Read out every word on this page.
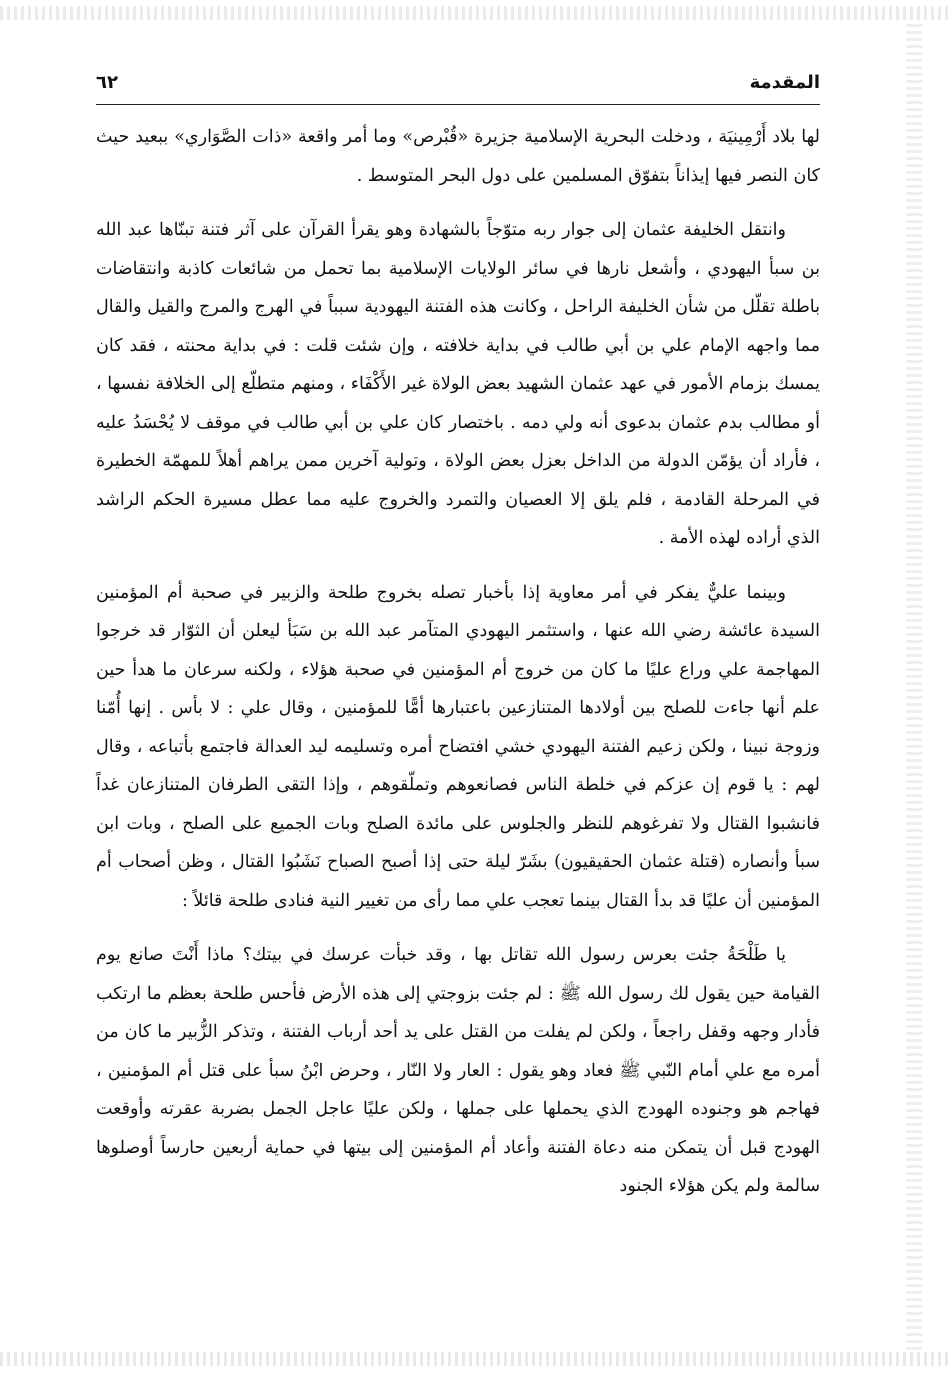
المقدمة
٦٢

لها بلاد أَرْمِينيَة ، ودخلت البحرية الإسلامية جزيرة «قُبْرص» وما أمر واقعة «ذات الصَّوَاري» ببعيد حيث كان النصر فيها إيذاناً بتفوّق المسلمين على دول البحر المتوسط .

وانتقل الخليفة عثمان إلى جوار ربه متوّجاً بالشهادة وهو يقرأ القرآن على آثر فتنة تبنّاها عبد الله بن سبأ اليهودي ، وأشعل نارها في سائر الولايات الإسلامية بما تحمل من شائعات كاذبة وانتقاضات باطلة تقلّل من شأن الخليفة الراحل ، وكانت هذه الفتنة اليهودية سبباً في الهرج والمرج والقيل والقال مما واجهه الإمام علي بن أبي طالب في بداية خلافته ، وإن شئت قلت : في بداية محنته ، فقد كان يمسك بزمام الأمور في عهد عثمان الشهيد بعض الولاة غير الأَكْفَاء ، ومنهم متطلّع إلى الخلافة نفسها ، أو مطالب بدم عثمان بدعوى أنه ولي دمه . باختصار كان علي بن أبي طالب في موقف لا يُحْسَدُ عليه ، فأراد أن يؤمّن الدولة من الداخل بعزل بعض الولاة ، وتولية آخرين ممن يراهم أهلاً للمهمّة الخطيرة في المرحلة القادمة ، فلم يلق إلا العصيان والتمرد والخروج عليه مما عطل مسيرة الحكم الراشد الذي أراده لهذه الأمة .

وبينما عليٌّ يفكر في أمر معاوية إذا بأخبار تصله بخروج طلحة والزبير في صحبة أم المؤمنين السيدة عائشة رضي الله عنها ، واستثمر اليهودي المتآمر عبد الله بن سَبَأ ليعلن أن الثوّار قد خرجوا المهاجمة علي وراع عليًا ما كان من خروج أم المؤمنين في صحبة هؤلاء ، ولكنه سرعان ما هدأ حين علم أنها جاءت للصلح بين أولادها المتنازعين باعتبارها أمًّا للمؤمنين ، وقال علي : لا بأس . إنها أُمّنا وزوجة نبينا ، ولكن زعيم الفتنة اليهودي خشي افتضاح أمره وتسليمه ليد العدالة فاجتمع بأتباعه ، وقال لهم : يا قوم إن عزكم في خلطة الناس فصانعوهم وتملّقوهم ، وإذا التقى الطرفان المتنازعان غداً فانشبوا القتال ولا تفرغوهم للنظر والجلوس على مائدة الصلح وبات الجميع على الصلح ، وبات ابن سبأ وأنصاره (قتلة عثمان الحقيقيون) بشَرّ ليلة حتى إذا أصبح الصباح نَشَبُوا القتال ، وظن أصحاب أم المؤمنين أن عليًا قد بدأ القتال بينما تعجب علي مما رأى من تغيير النية فنادى طلحة قائلاً :

يا طَلْحَةُ جئت بعرس رسول الله تقاتل بها ، وقد خبأت عرسك في بيتك؟ ماذا أَنْتَ صانع يوم القيامة حين يقول لك رسول الله ﷺ : لم جئت بزوجتي إلى هذه الأرض فأحس طلحة بعظم ما ارتكب فأدار وجهه وقفل راجعاً ، ولكن لم يفلت من القتل على يد أحد أرباب الفتنة ، وتذكر الزُّبير ما كان من أمره مع علي أمام النّبي ﷺ فعاد وهو يقول : العار ولا النّار ، وحرض ابْنُ سبأ على قتل أم المؤمنين ، فهاجم هو وجنوده الهودج الذي يحملها على جملها ، ولكن عليًا عاجل الجمل بضربة عقرته وأوقعت الهودج قبل أن يتمكن منه دعاة الفتنة وأعاد أم المؤمنين إلى بيتها في حماية أربعين حارساً أوصلوها سالمة ولم يكن هؤلاء الجنود
